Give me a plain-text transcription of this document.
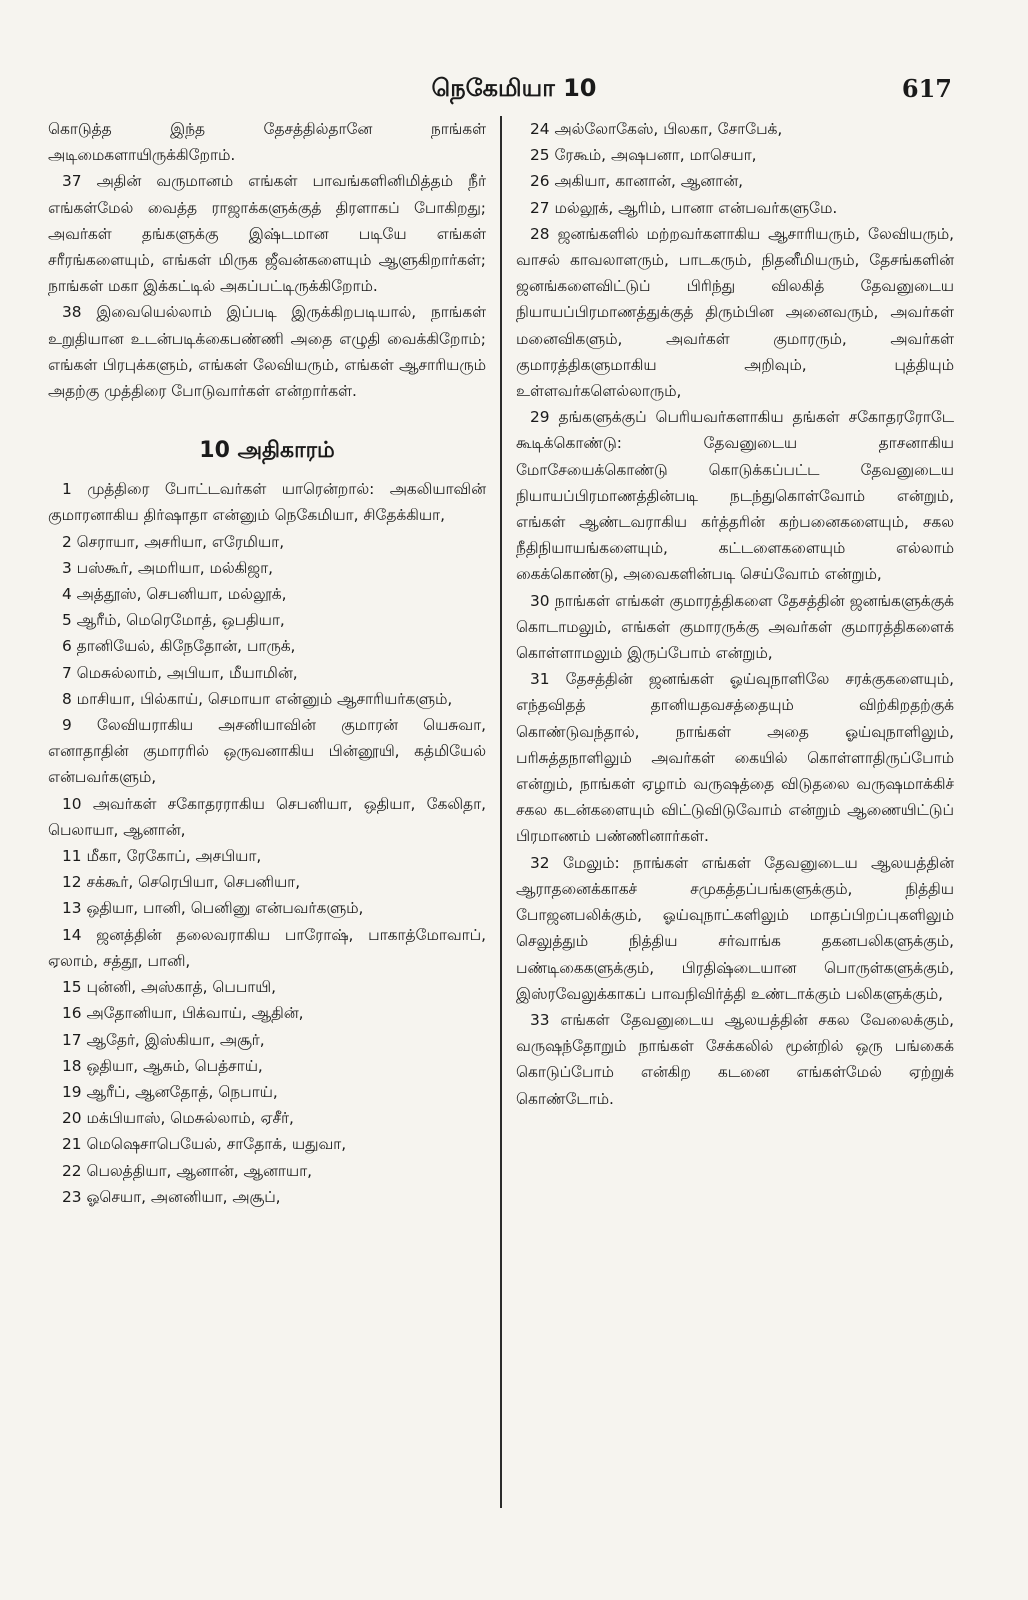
நெகேமியா 10	617

கொடுத்த இந்த தேசத்தில்தானே நாங்கள் அடிமைகளாயிருக்கிறோம்.

37 அதின் வருமானம் எங்கள் பாவங்களினிமித்தம் நீர் எங்கள்மேல் வைத்த ராஜாக்களுக்குத் திரளாகப் போகிறது; அவர்கள் தங்களுக்கு இஷ்டமான படியே எங்கள் சரீரங்களையும், எங்கள் மிருக ஜீவன்களையும் ஆளுகிறார்கள்; நாங்கள் மகா இக்கட்டில் அகப்பட்டிருக்கிறோம்.

38 இவையெல்லாம் இப்படி இருக்கிறபடியால், நாங்கள் உறுதியான உடன்படிக்கைபண்ணி அதை எழுதி வைக்கிறோம்; எங்கள் பிரபுக்களும், எங்கள் லேவியரும், எங்கள் ஆசாரியரும் அதற்கு முத்திரை போடுவார்கள் என்றார்கள்.

10 அதிகாரம்

1 முத்திரை போட்டவர்கள் யாரென்றால்: அகலியாவின் குமாரனாகிய திர்ஷாதா என்னும் நெகேமியா, சிதேக்கியா,

2 செராயா, அசரியா, எரேமியா,

3 பஸ்கூர், அமரியா, மல்கிஜா,

4 அத்தூஸ், செபனியா, மல்லூக்,

5 ஆரீம், மெரெமோத், ஒபதியா,

6 தானியேல், கிநேதோன், பாருக்,

7 மெசுல்லாம், அபியா, மீயாமின்,

8 மாசியா, பில்காய், செமாயா என்னும் ஆசாரியர்களும்,

9 லேவியராகிய அசனியாவின் குமாரன் யெசுவா, எனாதாதின் குமாரரில் ஒருவனாகிய பின்னூயி, கத்மியேல் என்பவர்களும்,

10 அவர்கள் சகோதரராகிய செபனியா, ஒதியா, கேலிதா, பெலாயா, ஆனான்,

11 மீகா, ரேகோப், அசபியா,

12 சக்கூர், செரெபியா, செபனியா,

13 ஒதியா, பானி, பெனினு என்பவர்களும்,

14 ஜனத்தின் தலைவராகிய பாரோஷ், பாகாத்மோவாப், ஏலாம், சத்தூ, பானி,

15 புன்னி, அஸ்காத், பெபாயி,

16 அதோனியா, பிக்வாய், ஆதின்,

17 ஆதேர், இஸ்கியா, அசூர்,

18 ஒதியா, ஆசும், பெத்சாய்,

19 ஆரீப், ஆனதோத், நெபாய்,

20 மக்பியாஸ், மெசுல்லாம், ஏசீர்,

21 மெஷெசாபெயேல், சாதோக், யதுவா,

22 பெலத்தியா, ஆனான், ஆனாயா,

23 ஓசெயா, அனனியா, அசூப்,

24 அல்லோகேஸ், பிலகா, சோபேக்,

25 ரேகூம், அஷபனா, மாசெயா,

26 அகியா, கானான், ஆனான்,

27 மல்லூக், ஆரிம், பானா என்பவர்களுமே.

28 ஜனங்களில் மற்றவர்களாகிய ஆசாரியரும், லேவியரும், வாசல் காவலாளரும், பாடகரும், நிதனீமியரும், தேசங்களின் ஜனங்களைவிட்டுப் பிரிந்து விலகித் தேவனுடைய நியாயப்பிரமாணத்துக்குத் திரும்பின அனைவரும், அவர்கள் மனைவிகளும், அவர்கள் குமாரரும், அவர்கள் குமாரத்திகளுமாகிய அறிவும், புத்தியும் உள்ளவர்களெல்லாரும்,

29 தங்களுக்குப் பெரியவர்களாகிய தங்கள் சகோதரரோடே கூடிக்கொண்டு: தேவனுடைய தாசனாகிய மோசேயைக்கொண்டு கொடுக்கப்பட்ட தேவனுடைய நியாயப்பிரமாணத்தின்படி நடந்துகொள்வோம் என்றும், எங்கள் ஆண்டவராகிய கர்த்தரின் கற்பனைகளையும், சகல நீதிநியாயங்களையும், கட்டளைகளையும் எல்லாம் கைக்கொண்டு, அவைகளின்படி செய்வோம் என்றும்,

30 நாங்கள் எங்கள் குமாரத்திகளை தேசத்தின் ஜனங்களுக்குக் கொடாமலும், எங்கள் குமாரருக்கு அவர்கள் குமாரத்திகளைக் கொள்ளாமலும் இருப்போம் என்றும்,

31 தேசத்தின் ஜனங்கள் ஓய்வுநாளிலே சரக்குகளையும், எந்தவிதத் தானியதவசத்தையும் விற்கிறதற்குக் கொண்டுவந்தால், நாங்கள் அதை ஓய்வுநாளிலும், பரிசுத்தநாளிலும் அவர்கள் கையில் கொள்ளாதிருப்போம் என்றும், நாங்கள் ஏழாம் வருஷத்தை விடுதலை வருஷமாக்கிச் சகல கடன்களையும் விட்டுவிடுவோம் என்றும் ஆணையிட்டுப் பிரமாணம் பண்ணினார்கள்.

32 மேலும்: நாங்கள் எங்கள் தேவனுடைய ஆலயத்தின் ஆராதனைக்காகச் சமுகத்தப்பங்களுக்கும், நித்திய போஜனபலிக்கும், ஓய்வுநாட்களிலும் மாதப்பிறப்புகளிலும் செலுத்தும் நித்திய சர்வாங்க தகனபலிகளுக்கும், பண்டிகைகளுக்கும், பிரதிஷ்டையான பொருள்களுக்கும், இஸ்ரவேலுக்காகப் பாவநிவிர்த்தி உண்டாக்கும் பலிகளுக்கும்,

33 எங்கள் தேவனுடைய ஆலயத்தின் சகல வேலைக்கும், வருஷந்தோறும் நாங்கள் சேக்கலில் மூன்றில் ஒரு பங்கைக் கொடுப்போம் என்கிற கடனை எங்கள்மேல் ஏற்றுக் கொண்டோம்.
